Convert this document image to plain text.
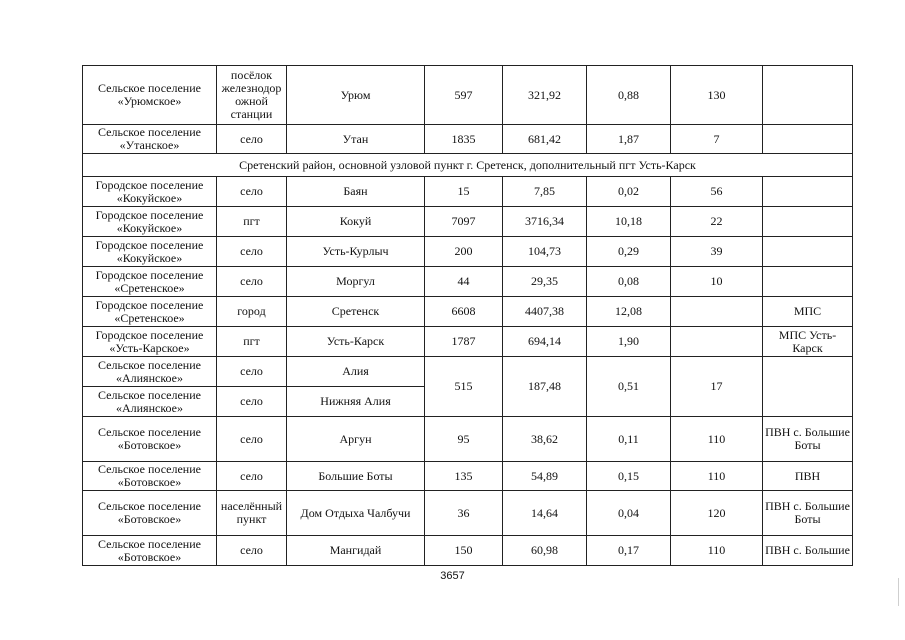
Сельское поселение «Урюмское»	посёлок железнодорожной станции	Урюм	597	321,92	0,88	130	
Сельское поселение «Утанское»	село	Утан	1835	681,42	1,87	7	
Сретенский район, основной узловой пункт г. Сретенск, дополнительный пгт Усть-Карск							
Городское поселение «Кокуйское»	село	Баян	15	7,85	0,02	56	
Городское поселение «Кокуйское»	пгт	Кокуй	7097	3716,34	10,18	22	
Городское поселение «Кокуйское»	село	Усть-Курлыч	200	104,73	0,29	39	
Городское поселение «Сретенское»	село	Моргул	44	29,35	0,08	10	
Городское поселение «Сретенское»	город	Сретенск	6608	4407,38	12,08		МПС
Городское поселение «Усть-Карское»	пгт	Усть-Карск	1787	694,14	1,90		МПС Усть-Карск
Сельское поселение «Алиянское»	село	Алия	515	187,48	0,51	17	
Сельское поселение «Алиянское»	село	Нижняя Алия					
Сельское поселение «Ботовское»	село	Аргун	95	38,62	0,11	110	ПВН с. Большие Боты
Сельское поселение «Ботовское»	село	Большие Боты	135	54,89	0,15	110	ПВН
Сельское поселение «Ботовское»	населённый пункт	Дом Отдыха Чалбучи	36	14,64	0,04	120	ПВН с. Большие Боты
Сельское поселение «Ботовское»	село	Мангидай	150	60,98	0,17	110	ПВН с. Большие
3657
